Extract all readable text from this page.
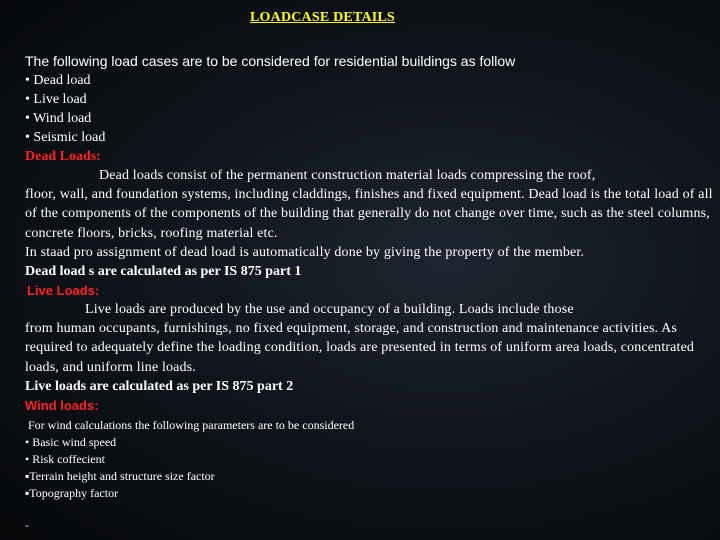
LOADCASE DETAILS
The following load cases are to be considered for residential buildings as follow
• Dead load
• Live load
• Wind load
• Seismic load
Dead Loads:
Dead loads consist of the permanent construction material loads compressing the roof,
floor, wall, and foundation systems, including claddings, finishes and fixed equipment. Dead load is the total load of all of the components of the components of the building that generally do not change over time, such as the steel columns, concrete floors, bricks, roofing material etc.
In staad pro assignment of dead load is automatically done by giving the property of the member.
Dead load s are calculated as per IS 875 part 1
Live Loads:
Live loads are produced by the use and occupancy of a building. Loads include those
from human occupants, furnishings, no fixed equipment, storage, and construction and maintenance activities. As required to adequately define the loading condition, loads are presented in terms of uniform area loads, concentrated loads, and uniform line loads.
Live loads are calculated as per IS 875 part 2
Wind loads:
For wind calculations the following parameters are to be considered
• Basic wind speed
• Risk coffecient
▪ Terrain height and structure size factor
▪ Topography factor
-
